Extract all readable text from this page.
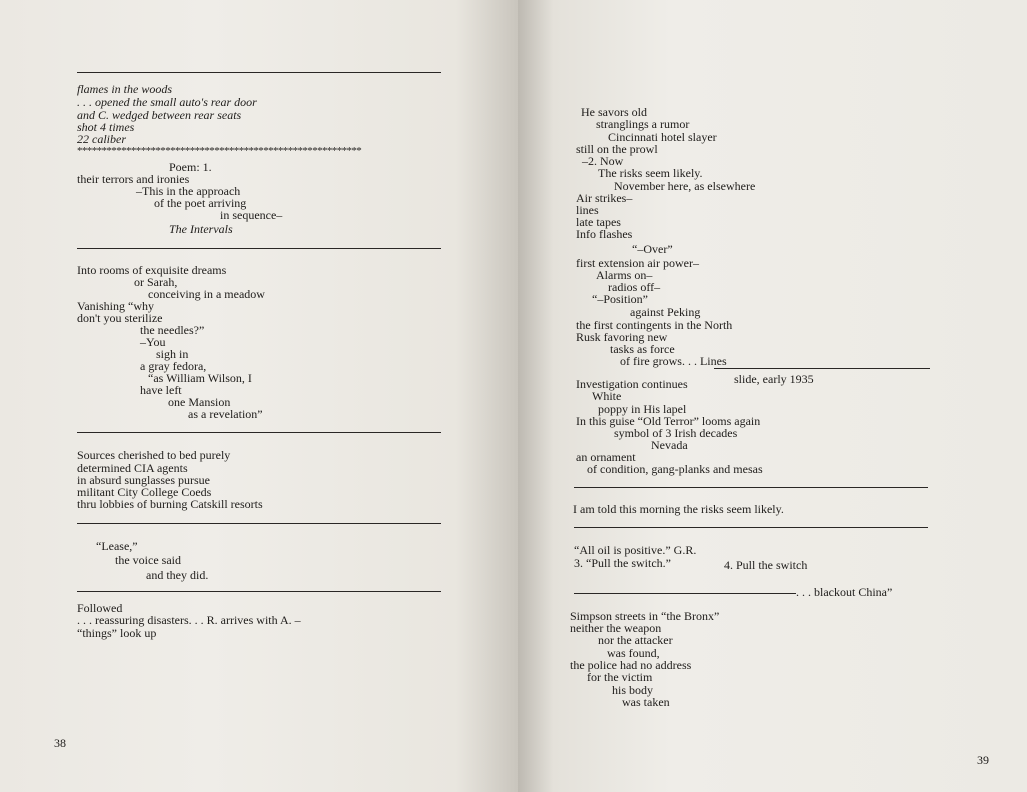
flames in the woods
. . . opened the small auto's rear door
and C. wedged between rear seats
shot 4 times
22 caliber
**********************************************************
Poem: 1.
their terrors and ironies
–This in the approach
of the poet arriving
in sequence–
The Intervals
Into rooms of exquisite dreams
or Sarah,
conceiving in a meadow
Vanishing “why
don't you sterilize
the needles?”
–You
sigh in
a gray fedora,
“as William Wilson, I
have left
one Mansion
as a revelation”
Sources cherished to bed purely
determined CIA agents
in absurd sunglasses pursue
militant City College Coeds
thru lobbies of burning Catskill resorts
“Lease,”
the voice said
and they did.
Followed
. . . reassuring disasters. . . R. arrives with A. –
“things” look up
38
He savors old
stranglings a rumor
Cincinnati hotel slayer
still on the prowl
–2. Now
The risks seem likely.
November here, as elsewhere
Air strikes–
lines
late tapes
Info flashes
“–Over”
first extension air power–
Alarms on–
radios off–
“–Position”
against Peking
the first contingents in the North
Rusk favoring new
tasks as force
of fire grows. . . Lines
slide, early 1935
Investigation continues
White
poppy in His lapel
In this guise “Old Terror” looms again
symbol of 3 Irish decades
Nevada
an ornament
of condition, gang-planks and mesas
I am told this morning the risks seem likely.
“All oil is positive.” G.R.
3. “Pull the switch.”	4. Pull the switch
. . . blackout China”
Simpson streets in “the Bronx”
neither the weapon
nor the attacker
was found,
the police had no address
for the victim
his body
was taken
39
